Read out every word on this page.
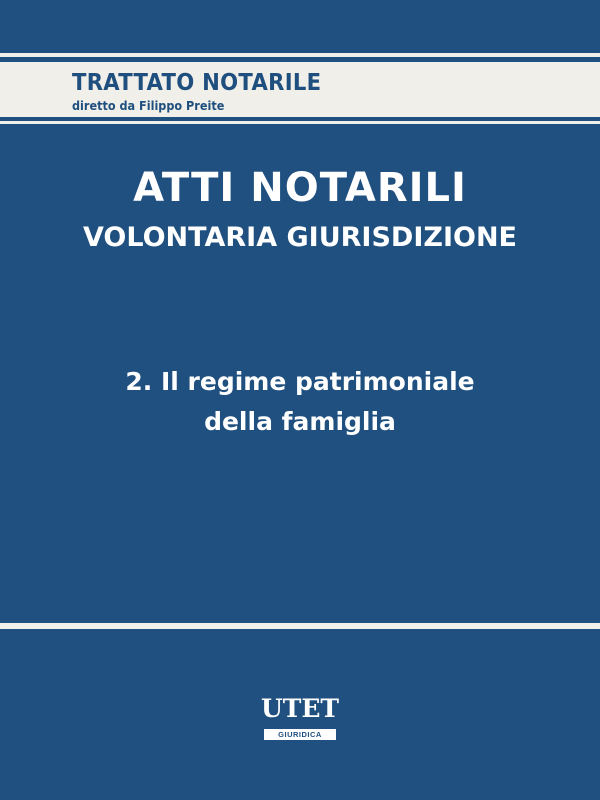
TRATTATO NOTARILE
diretto da Filippo Preite
ATTI NOTARILI
VOLONTARIA GIURISDIZIONE
2. Il regime patrimoniale
della famiglia
UTET
GIURIDICA
